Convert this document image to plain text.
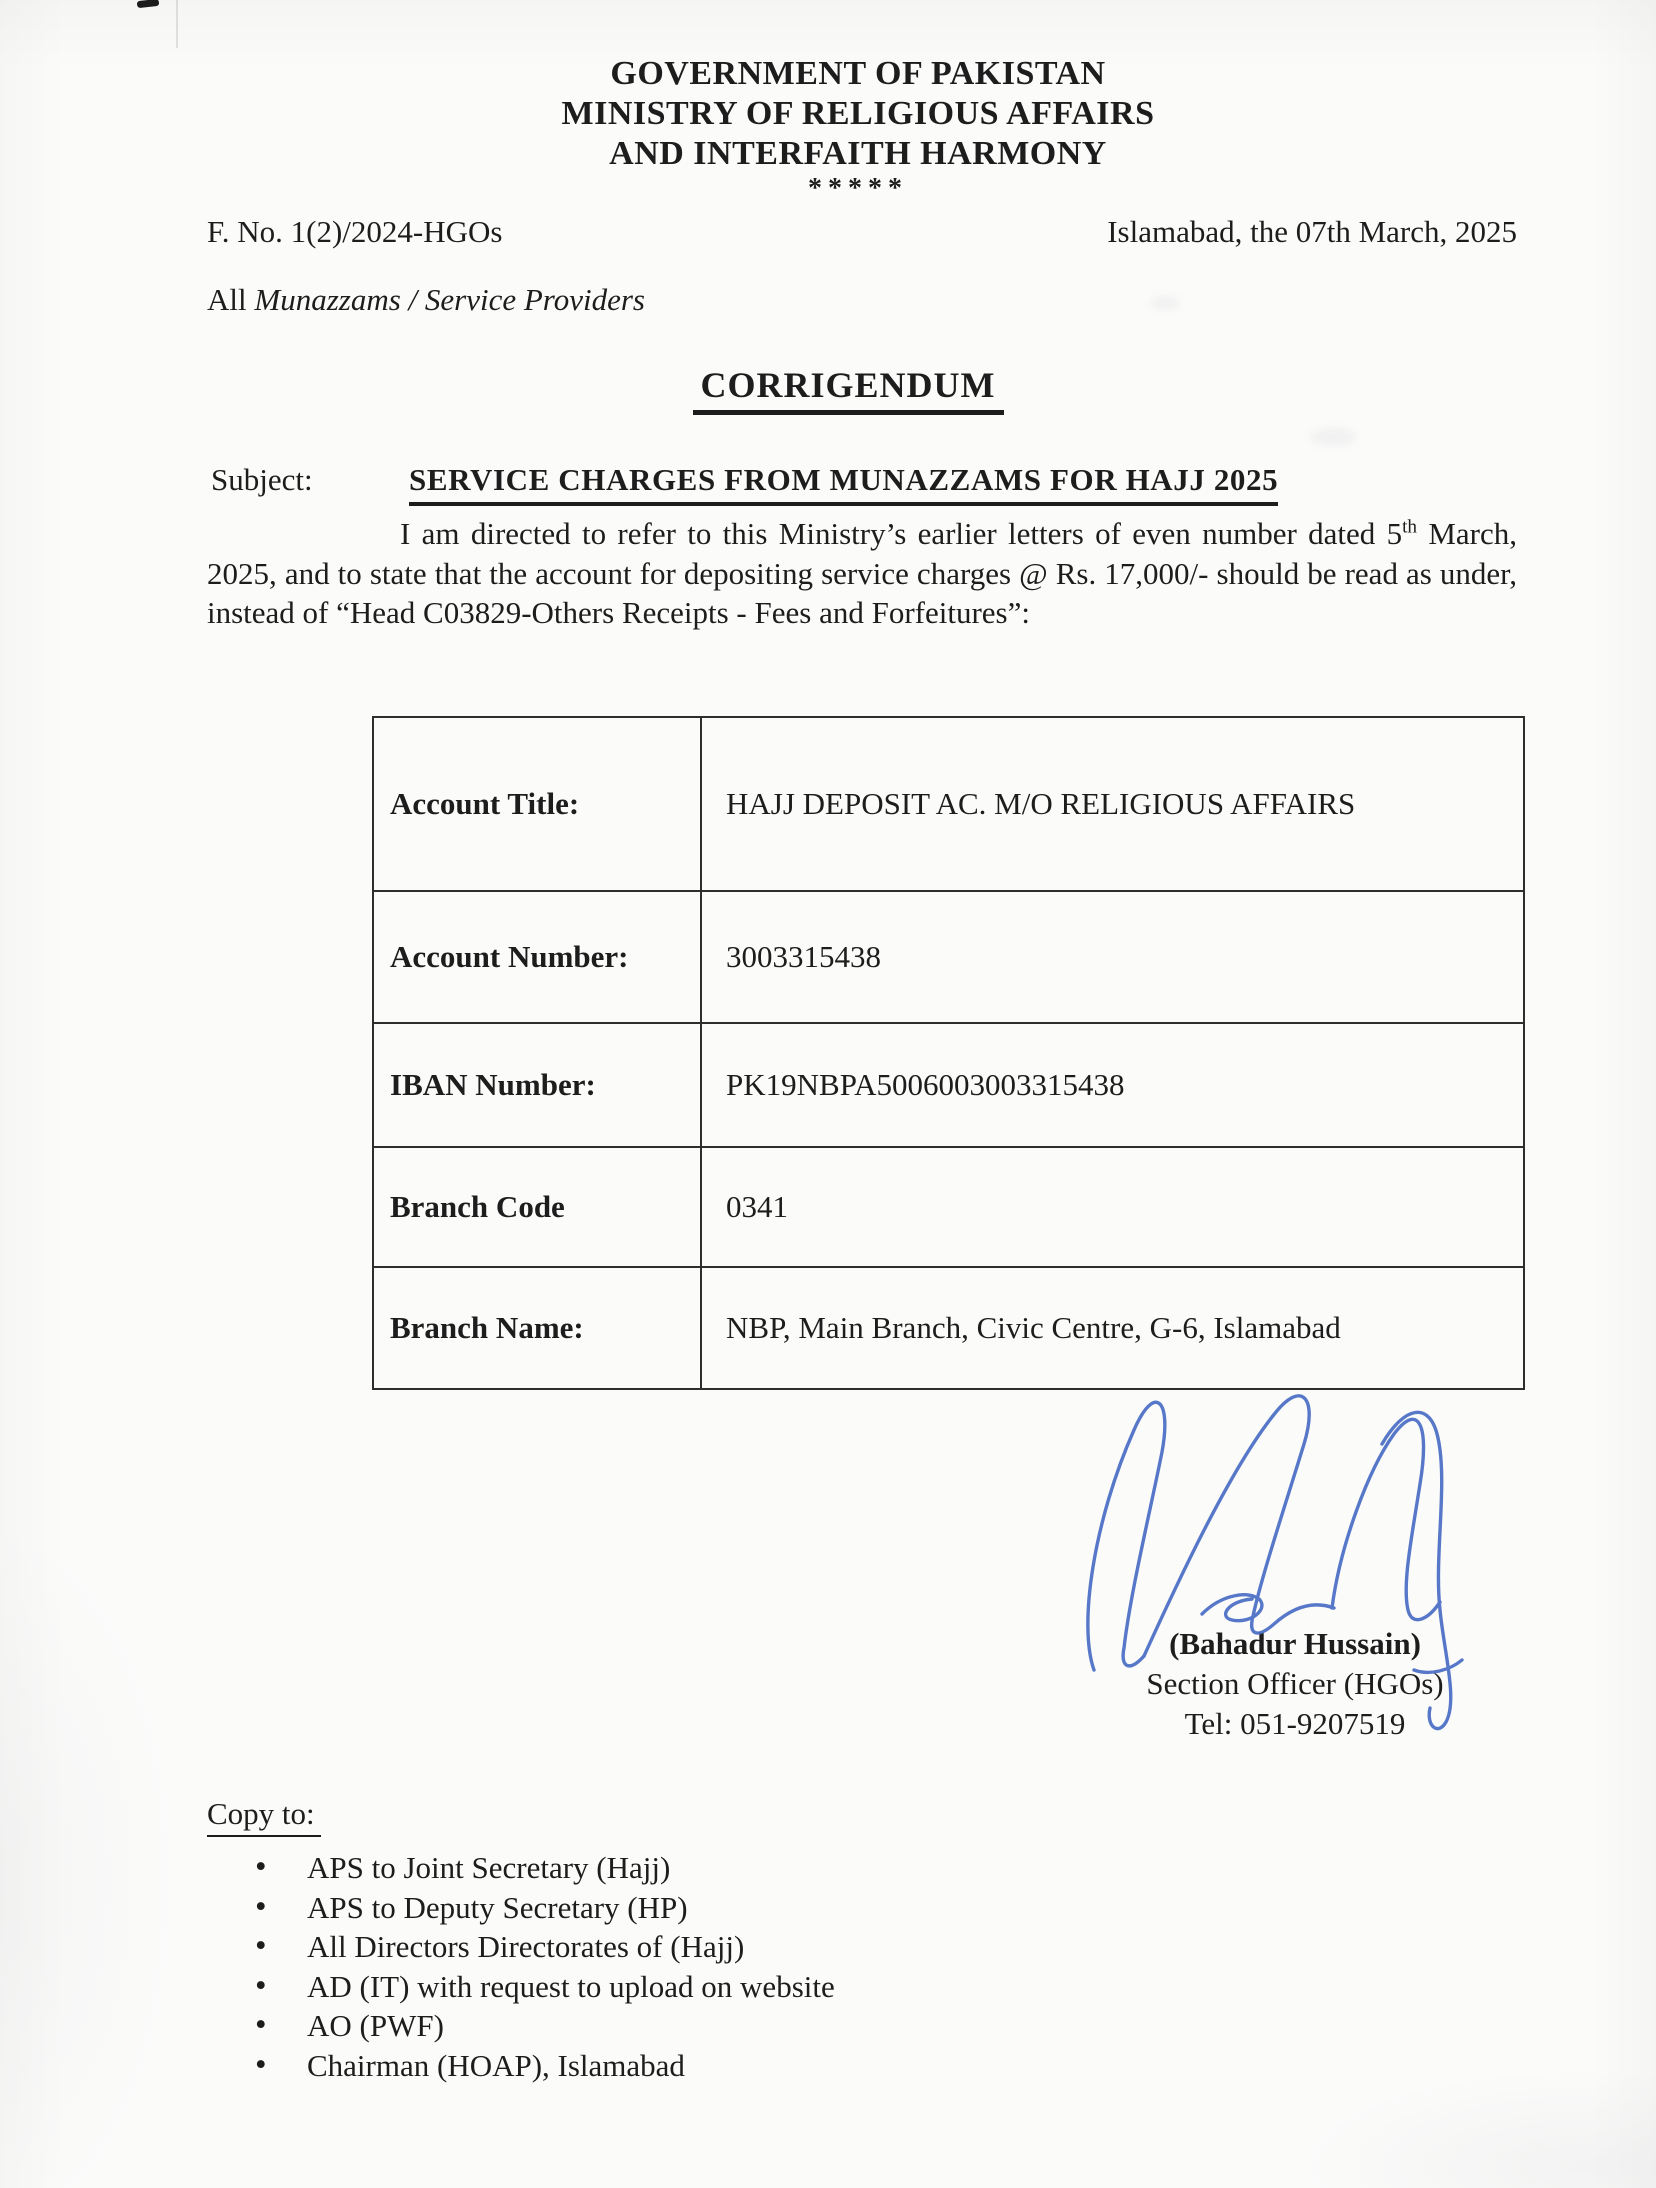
GOVERNMENT OF PAKISTAN
MINISTRY OF RELIGIOUS AFFAIRS
AND INTERFAITH HARMONY
*****
F. No. 1(2)/2024-HGOs	Islamabad, the 07th March, 2025
All Munazzams / Service Providers
CORRIGENDUM
Subject:	SERVICE CHARGES FROM MUNAZZAMS FOR HAJJ 2025

I am directed to refer to this Ministry’s earlier letters of even number dated 5th March, 2025, and to state that the account for depositing service charges @ Rs. 17,000/- should be read as under, instead of “Head C03829-Others Receipts - Fees and Forfeitures”:

Account Title:	HAJJ DEPOSIT AC. M/O RELIGIOUS AFFAIRS
Account Number:	3003315438
IBAN Number:	PK19NBPA5006003003315438
Branch Code	0341
Branch Name:	NBP, Main Branch, Civic Centre, G-6, Islamabad
(Bahadur Hussain)
Section Officer (HGOs)
Tel: 051-9207519
Copy to:
• APS to Joint Secretary (Hajj)
• APS to Deputy Secretary (HP)
• All Directors Directorates of (Hajj)
• AD (IT) with request to upload on website
• AO (PWF)
• Chairman (HOAP), Islamabad
